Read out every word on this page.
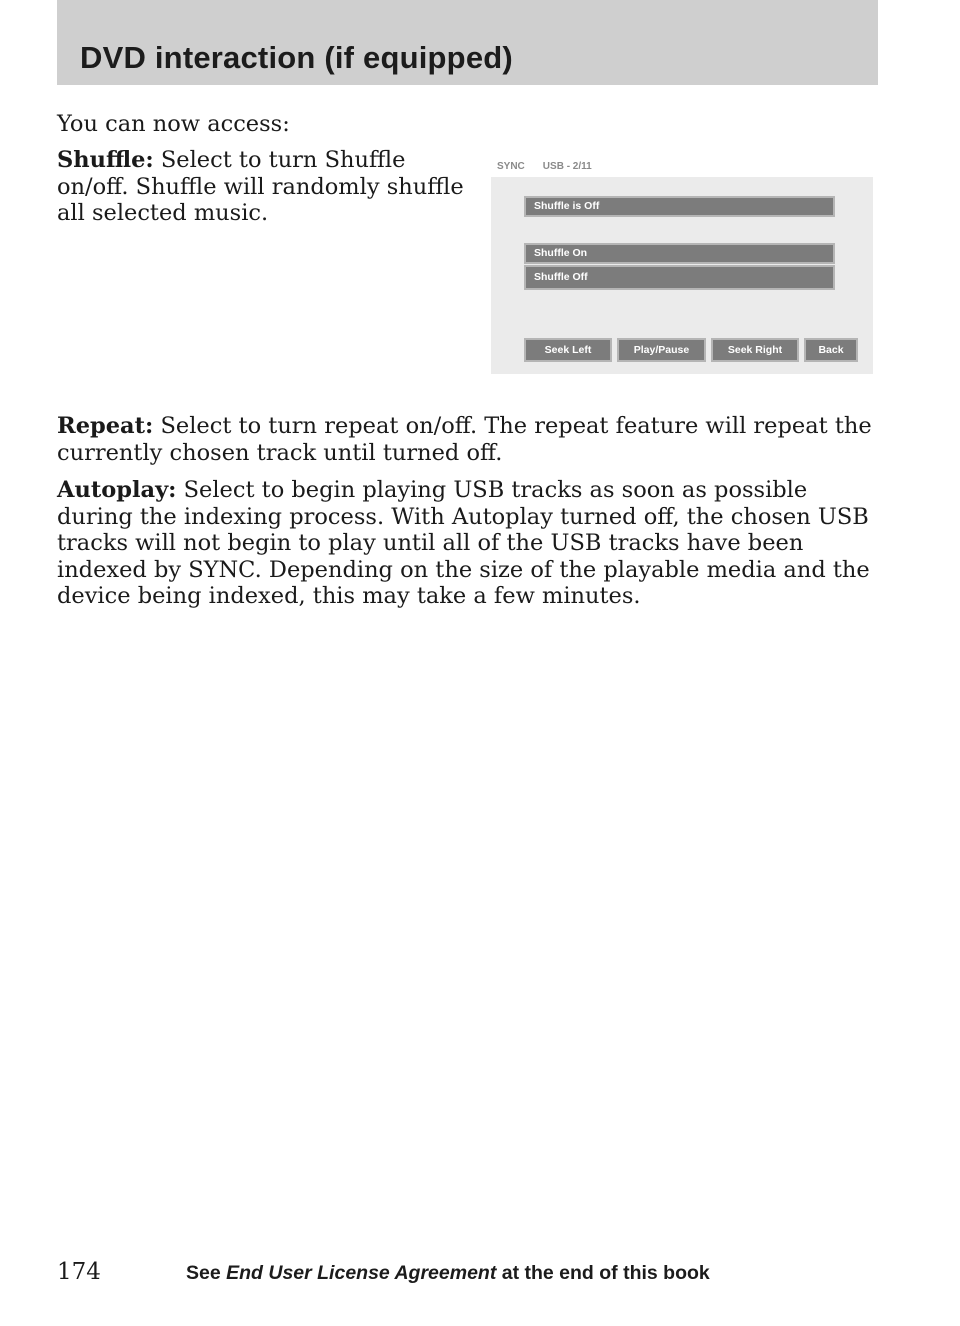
DVD interaction (if equipped)

You can now access:

Shuffle: Select to turn Shuffle on/off. Shuffle will randomly shuffle all selected music.

SYNC USB - 2/11
Shuffle is Off
Shuffle On
Shuffle Off
Seek Left	Play/Pause	Seek Right	Back

Repeat: Select to turn repeat on/off. The repeat feature will repeat the currently chosen track until turned off.

Autoplay: Select to begin playing USB tracks as soon as possible during the indexing process. With Autoplay turned off, the chosen USB tracks will not begin to play until all of the USB tracks have been indexed by SYNC. Depending on the size of the playable media and the device being indexed, this may take a few minutes.

174	See End User License Agreement at the end of this book
